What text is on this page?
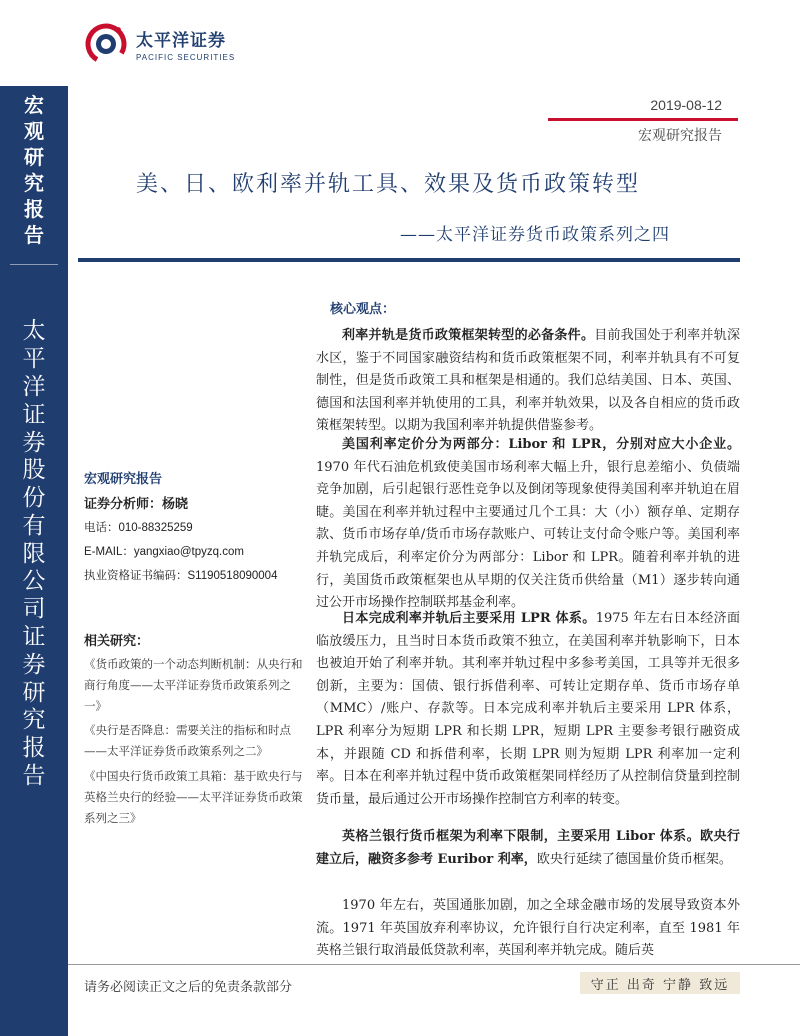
宏
观
研
究
报
告
太
平
洋
证
券
股
份
有
限
公
司
证
券
研
究
报
告
太平洋证券
PACIFIC SECURITIES
2019-08-12
宏观研究报告
美、日、欧利率并轨工具、效果及货币政策转型
——太平洋证券货币政策系列之四
宏观研究报告
证券分析师：杨晓
电话：010-88325259
E-MAIL：yangxiao@tpyzq.com
执业资格证书编码：S1190518090004
相关研究：
《货币政策的一个动态判断机制：从央行和商行角度——太平洋证券货币政策系列之一》
《央行是否降息：需要关注的指标和时点——太平洋证券货币政策系列之二》
《中国央行货币政策工具箱：基于欧央行与英格兰央行的经验——太平洋证券货币政策系列之三》
核心观点：
利率并轨是货币政策框架转型的必备条件。目前我国处于利率并轨深水区，鉴于不同国家融资结构和货币政策框架不同，利率并轨具有不可复制性，但是货币政策工具和框架是相通的。我们总结美国、日本、英国、德国和法国利率并轨使用的工具，利率并轨效果，以及各自相应的货币政策框架转型。以期为我国利率并轨提供借鉴参考。
美国利率定价分为两部分：Libor 和 LPR，分别对应大小企业。1970 年代石油危机致使美国市场利率大幅上升，银行息差缩小、负债端竞争加剧，后引起银行恶性竞争以及倒闭等现象使得美国利率并轨迫在眉睫。美国在利率并轨过程中主要通过几个工具：大（小）额存单、定期存款、货币市场存单/货币市场存款账户、可转让支付命令账户等。美国利率并轨完成后，利率定价分为两部分：Libor 和 LPR。随着利率并轨的进行，美国货币政策框架也从早期的仅关注货币供给量（M1）逐步转向通过公开市场操作控制联邦基金利率。
日本完成利率并轨后主要采用 LPR 体系。1975 年左右日本经济面临放缓压力，且当时日本货币政策不独立，在美国利率并轨影响下，日本也被迫开始了利率并轨。其利率并轨过程中多参考美国，工具等并无很多创新，主要为：国债、银行拆借利率、可转让定期存单、货币市场存单（MMC）/账户、存款等。日本完成利率并轨后主要采用 LPR 体系，LPR 利率分为短期 LPR 和长期 LPR，短期 LPR 主要参考银行融资成本，并跟随 CD 和拆借利率，长期 LPR 则为短期 LPR 利率加一定利率。日本在利率并轨过程中货币政策框架同样经历了从控制信贷量到控制货币量，最后通过公开市场操作控制官方利率的转变。
英格兰银行货币框架为利率下限制，主要采用 Libor 体系。欧央行建立后，融资多参考 Euribor 利率，欧央行延续了德国量价货币框架。
1970 年左右，英国通胀加剧，加之全球金融市场的发展导致资本外流。1971 年英国放弃利率协议，允许银行自行决定利率，直至 1981 年英格兰银行取消最低贷款利率，英国利率并轨完成。随后英
请务必阅读正文之后的免责条款部分	守正 出奇 宁静 致远
